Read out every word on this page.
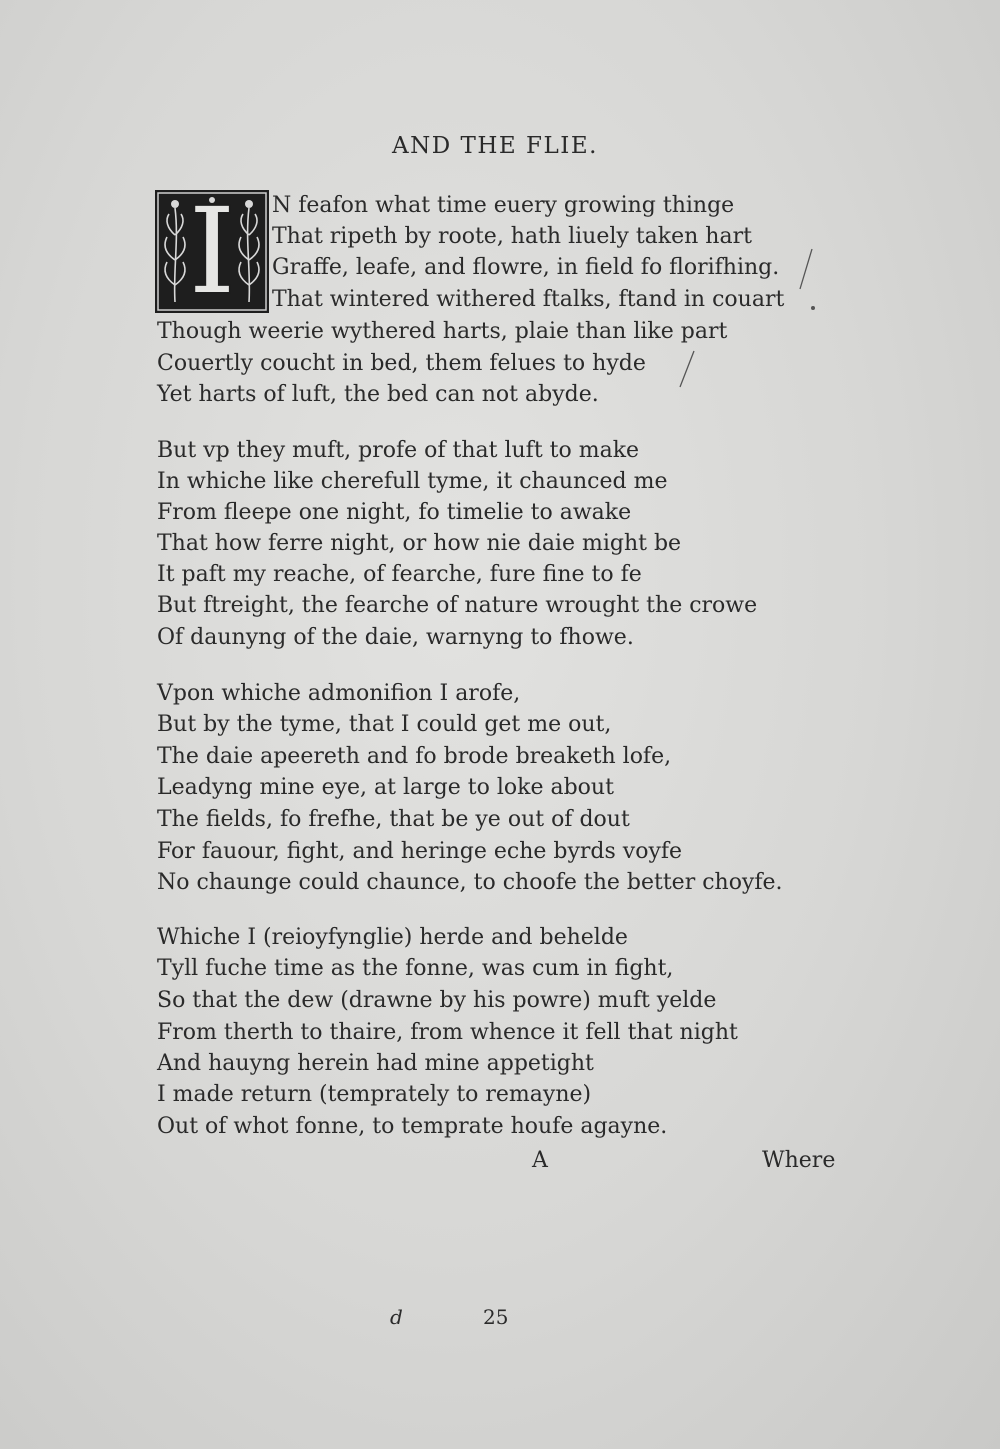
AND THE FLIE.
I	N feafon what time euery growing thinge
That ripeth by roote, hath liuely taken hart
Graffe, leafe, and flowre, in field fo florifhing.
That wintered withered ftalks, ftand in couart
Though weerie wythered harts, plaie than like part
Couertly coucht in bed, them felues to hyde
Yet harts of luft, the bed can not abyde.
But vp they muft, profe of that luft to make
In whiche like cherefull tyme, it chaunced me
From fleepe one night, fo timelie to awake
That how ferre night, or how nie daie might be
It paft my reache, of fearche, fure fine to fe
But ftreight, the fearche of nature wrought the crowe
Of daunyng of the daie, warnyng to fhowe.
Vpon whiche admonifion I arofe,
But by the tyme, that I could get me out,
The daie apeereth and fo brode breaketh lofe,
Leadyng mine eye, at large to loke about
The fields, fo frefhe, that be ye out of dout
For fauour, fight, and heringe eche byrds voyfe
No chaunge could chaunce, to choofe the better choyfe.
Whiche I (reioyfynglie) herde and behelde
Tyll fuche time as the fonne, was cum in fight,
So that the dew (drawne by his powre) muft yelde
From therth to thaire, from whence it fell that night
And hauyng herein had mine appetight
I made return (temprately to remayne)
Out of whot fonne, to temprate houfe agayne.
A	Where
d	25
